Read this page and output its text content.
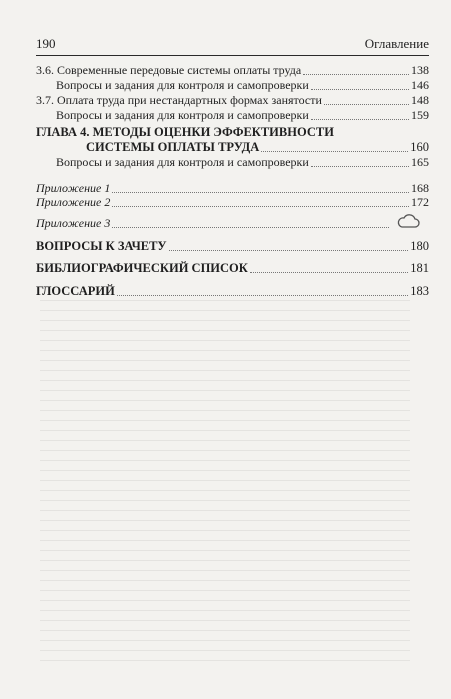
190	Оглавление
3.6. Современные передовые системы оплаты труда	138
Вопросы и задания для контроля и самопроверки	146
3.7. Оплата труда при нестандартных формах занятости	148
Вопросы и задания для контроля и самопроверки	159
ГЛАВА 4. МЕТОДЫ ОЦЕНКИ ЭФФЕКТИВНОСТИ
СИСТЕМЫ ОПЛАТЫ ТРУДА	160
Вопросы и задания для контроля и самопроверки	165
Приложение 1	168
Приложение 2	172
Приложение 3
ВОПРОСЫ К ЗАЧЕТУ	180
БИБЛИОГРАФИЧЕСКИЙ СПИСОК	181
ГЛОССАРИЙ	183
